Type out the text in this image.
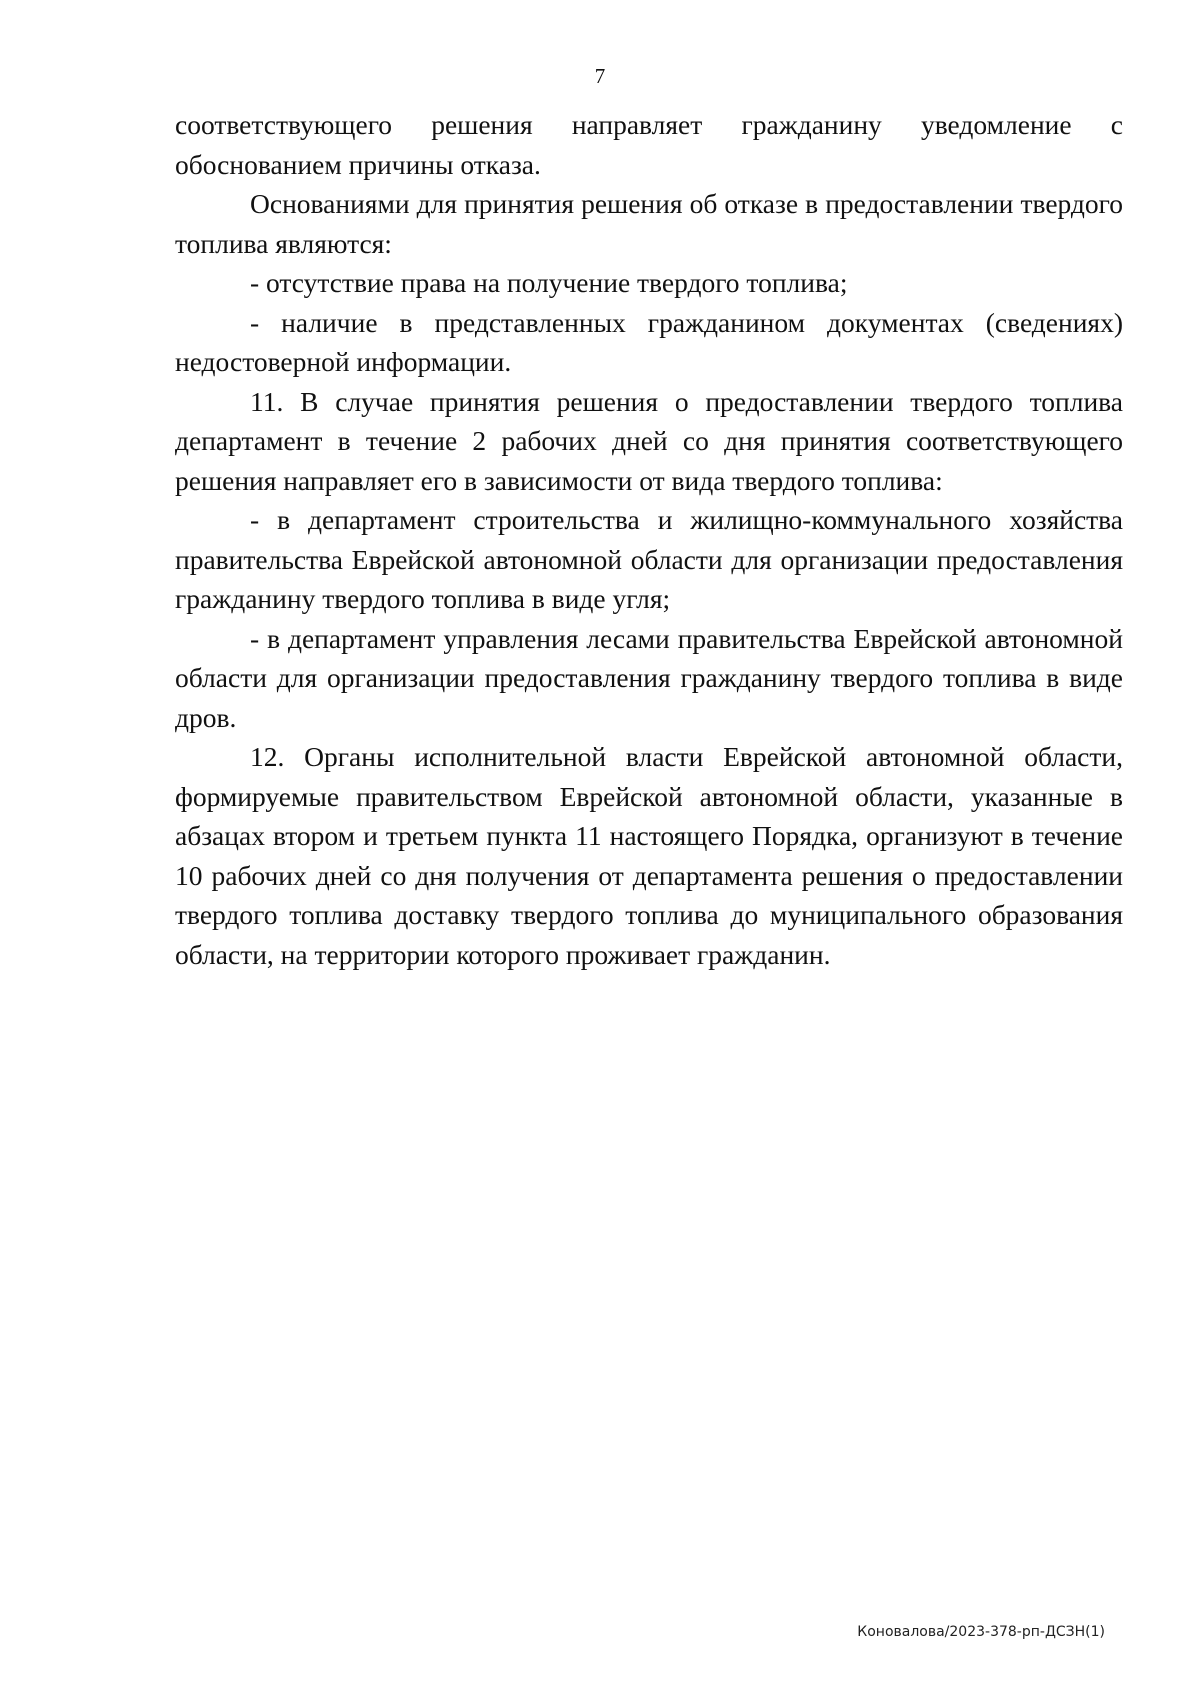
7

соответствующего решения направляет гражданину уведомление с обоснованием причины отказа.

Основаниями для принятия решения об отказе в предоставлении твердого топлива являются:

- отсутствие права на получение твердого топлива;

- наличие в представленных гражданином документах (сведениях) недостоверной информации.

11. В случае принятия решения о предоставлении твердого топлива департамент в течение 2 рабочих дней со дня принятия соответствующего решения направляет его в зависимости от вида твердого топлива:

- в департамент строительства и жилищно-коммунального хозяйства правительства Еврейской автономной области для организации предоставления гражданину твердого топлива в виде угля;

- в департамент управления лесами правительства Еврейской автономной области для организации предоставления гражданину твердого топлива в виде дров.

12. Органы исполнительной власти Еврейской автономной области, формируемые правительством Еврейской автономной области, указанные в абзацах втором и третьем пункта 11 настоящего Порядка, организуют в течение 10 рабочих дней со дня получения от департамента решения о предоставлении твердого топлива доставку твердого топлива до муниципального образования области, на территории которого проживает гражданин.

Коновалова/2023-378-рп-ДСЗН(1)
